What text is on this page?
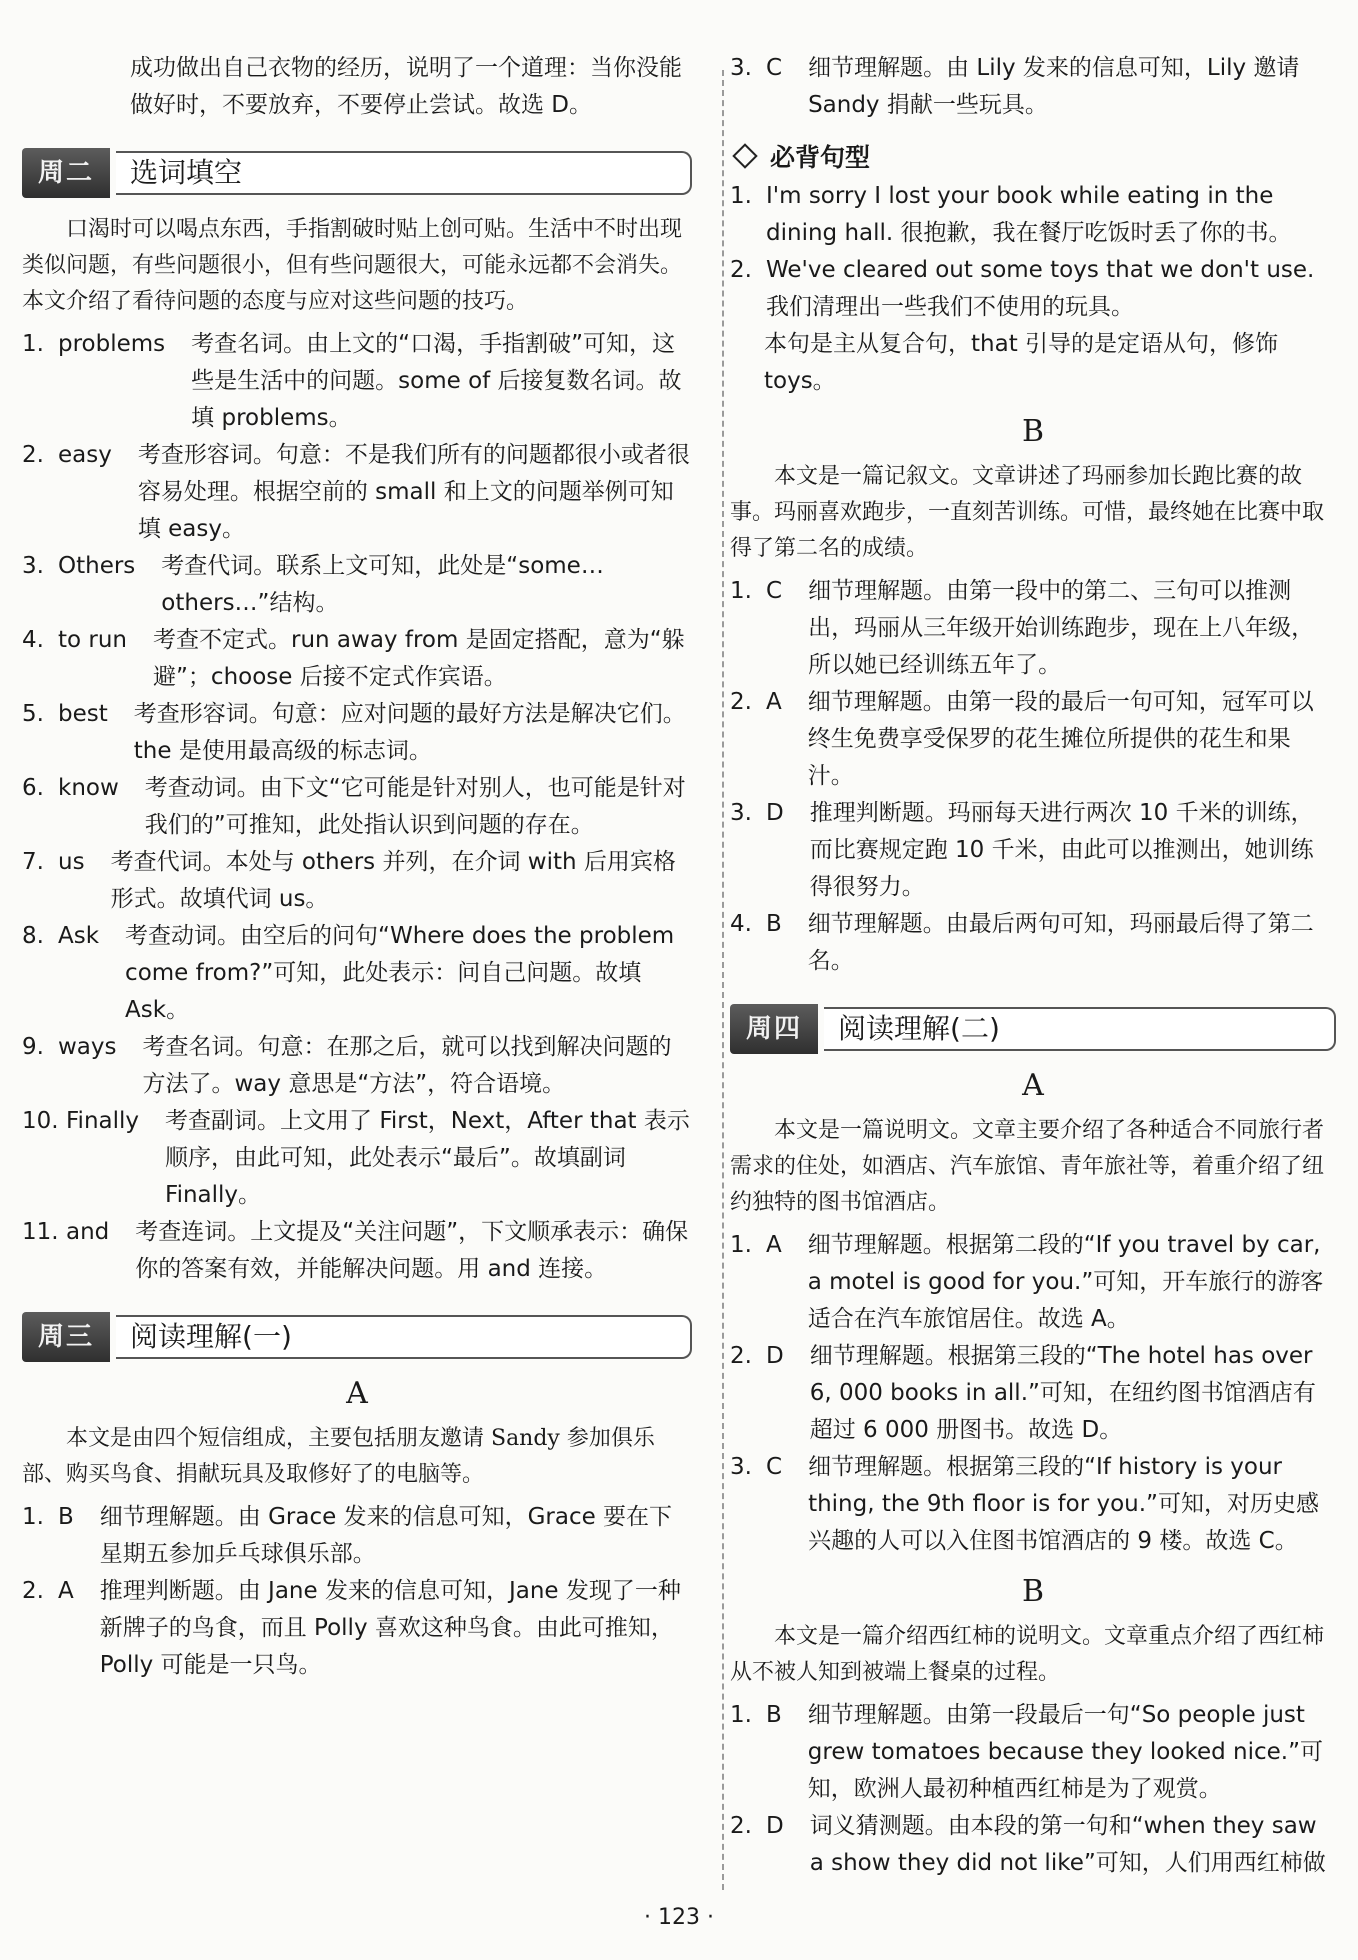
成功做出自己衣物的经历，说明了一个道理：当你没能做好时，不要放弃，不要停止尝试。故选 D。

周二	选词填空

口渴时可以喝点东西，手指割破时贴上创可贴。生活中不时出现类似问题，有些问题很小，但有些问题很大，可能永远都不会消失。本文介绍了看待问题的态度与应对这些问题的技巧。

1. problems	考查名词。由上文的“口渴，手指割破”可知，这些是生活中的问题。some of 后接复数名词。故填 problems。
2. easy	考查形容词。句意：不是我们所有的问题都很小或者很容易处理。根据空前的 small 和上文的问题举例可知填 easy。
3. Others	考查代词。联系上文可知，此处是“some…others…”结构。
4. to run	考查不定式。run away from 是固定搭配，意为“躲避”；choose 后接不定式作宾语。
5. best	考查形容词。句意：应对问题的最好方法是解决它们。the 是使用最高级的标志词。
6. know	考查动词。由下文“它可能是针对别人，也可能是针对我们的”可推知，此处指认识到问题的存在。
7. us	考查代词。本处与 others 并列，在介词 with 后用宾格形式。故填代词 us。
8. Ask	考查动词。由空后的问句“Where does the problem come from?”可知，此处表示：问自己问题。故填 Ask。
9. ways	考查名词。句意：在那之后，就可以找到解决问题的方法了。way 意思是“方法”，符合语境。
10. Finally	考查副词。上文用了 First，Next，After that 表示顺序，由此可知，此处表示“最后”。故填副词 Finally。
11. and	考查连词。上文提及“关注问题”，下文顺承表示：确保你的答案有效，并能解决问题。用 and 连接。
周三	阅读理解(一)
A

本文是由四个短信组成，主要包括朋友邀请 Sandy 参加俱乐部、购买鸟食、捐献玩具及取修好了的电脑等。

1. B	细节理解题。由 Grace 发来的信息可知，Grace 要在下星期五参加乒乓球俱乐部。
2. A	推理判断题。由 Jane 发来的信息可知，Jane 发现了一种新牌子的鸟食，而且 Polly 喜欢这种鸟食。由此可推知，Polly 可能是一只鸟。
3. C	细节理解题。由 Lily 发来的信息可知，Lily 邀请 Sandy 捐献一些玩具。
必背句型
1. I'm sorry I lost your book while eating in the dining hall. 很抱歉，我在餐厅吃饭时丢了你的书。
2. We've cleared out some toys that we don't use. 我们清理出一些我们不使用的玩具。

本句是主从复合句，that 引导的是定语从句，修饰 toys。

B

本文是一篇记叙文。文章讲述了玛丽参加长跑比赛的故事。玛丽喜欢跑步，一直刻苦训练。可惜，最终她在比赛中取得了第二名的成绩。

1. C	细节理解题。由第一段中的第二、三句可以推测出，玛丽从三年级开始训练跑步，现在上八年级，所以她已经训练五年了。
2. A	细节理解题。由第一段的最后一句可知，冠军可以终生免费享受保罗的花生摊位所提供的花生和果汁。
3. D	推理判断题。玛丽每天进行两次 10 千米的训练，而比赛规定跑 10 千米，由此可以推测出，她训练得很努力。
4. B	细节理解题。由最后两句可知，玛丽最后得了第二名。
周四	阅读理解(二)
A

本文是一篇说明文。文章主要介绍了各种适合不同旅行者需求的住处，如酒店、汽车旅馆、青年旅社等，着重介绍了纽约独特的图书馆酒店。

1. A	细节理解题。根据第二段的“If you travel by car, a motel is good for you.”可知，开车旅行的游客适合在汽车旅馆居住。故选 A。
2. D	细节理解题。根据第三段的“The hotel has over 6, 000 books in all.”可知，在纽约图书馆酒店有超过 6 000 册图书。故选 D。
3. C	细节理解题。根据第三段的“If history is your thing, the 9th floor is for you.”可知，对历史感兴趣的人可以入住图书馆酒店的 9 楼。故选 C。
B

本文是一篇介绍西红柿的说明文。文章重点介绍了西红柿从不被人知到被端上餐桌的过程。

1. B	细节理解题。由第一段最后一句“So people just grew tomatoes because they looked nice.”可知，欧洲人最初种植西红柿是为了观赏。
2. D	词义猜测题。由本段的第一句和“when they saw a show they did not like”可知，人们用西红柿做
· 123 ·
